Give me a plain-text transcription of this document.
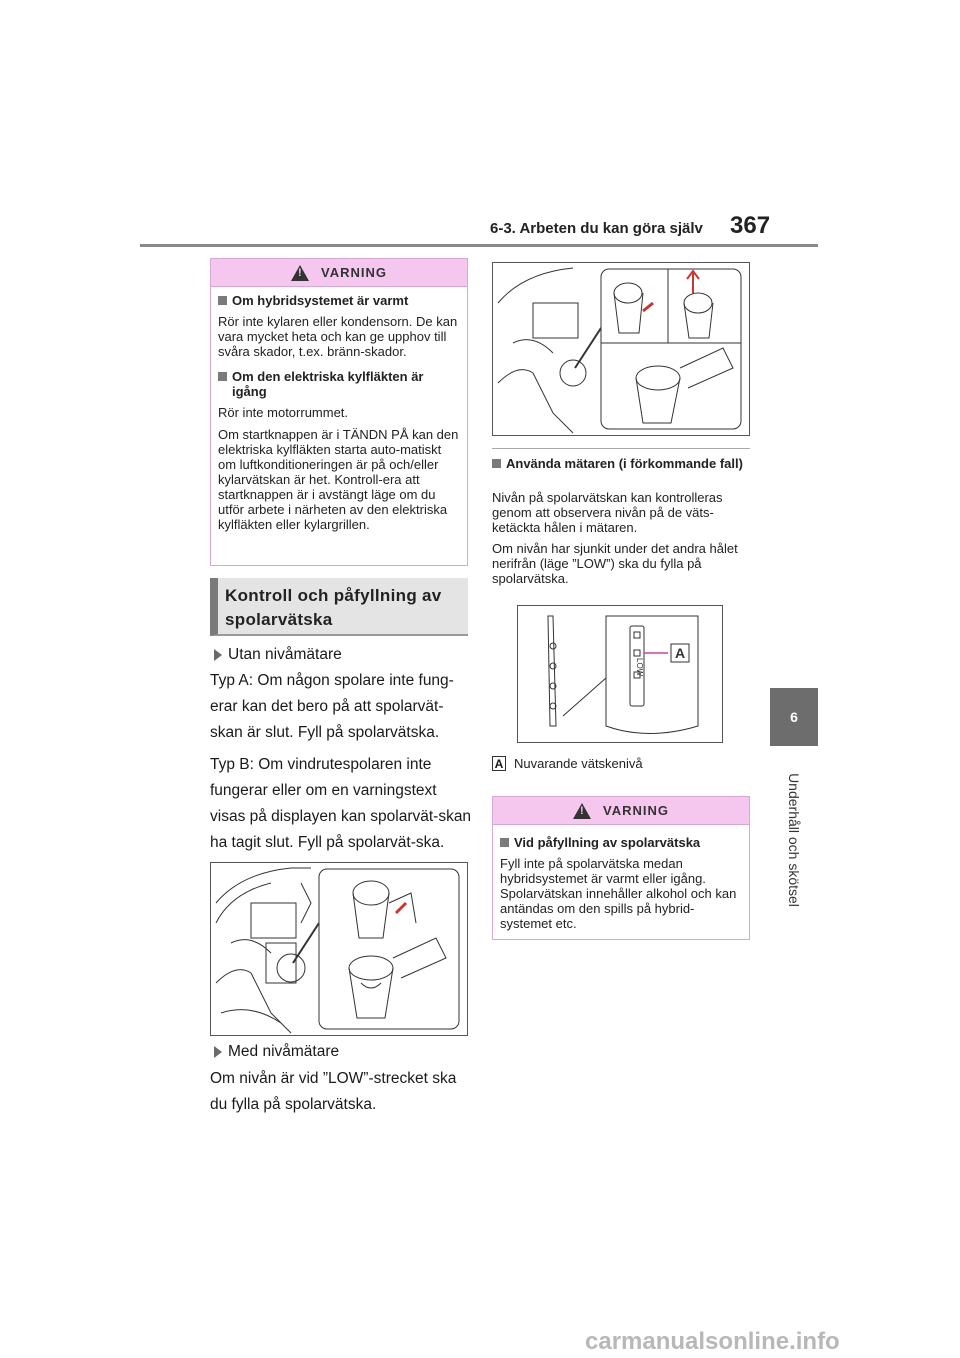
6-3. Arbeten du kan göra själv 367
6
Underhåll och skötsel
!
VARNING
Om hybridsystemet är varmt

Rör inte kylaren eller kondensorn. De kan vara mycket heta och kan ge upphov till svåra skador, t.ex. bränn-skador.

Om den elektriska kylfläkten är igång

Rör inte motorrummet.

Om startknappen är i TÄNDN PÅ kan den elektriska kylfläkten starta auto-matiskt om luftkonditioneringen är på och/eller kylarvätskan är het. Kontroll-era att startknappen är i avstängt läge om du utför arbete i närheten av den elektriska kylfläkten eller kylargrillen.

Kontroll och påfyllning av
spolarvätska
Utan nivåmätare

Typ A: Om någon spolare inte fung-erar kan det bero på att spolarvät-skan är slut. Fyll på spolarvätska.

Typ B: Om vindrutespolaren inte fungerar eller om en varningstext visas på displayen kan spolarvät-skan ha tagit slut. Fyll på spolarvät-ska.

Med nivåmätare

Om nivån är vid ”LOW”-strecket ska du fylla på spolarvätska.

Använda mätaren (i förkommande fall)

Nivån på spolarvätskan kan kontrolleras genom att observera nivån på de väts-ketäckta hålen i mätaren.

Om nivån har sjunkit under det andra hålet nerifrån (läge ”LOW”) ska du fylla på spolarvätska.

LOW
A
A Nuvarande vätskenivå
!
VARNING
Vid påfyllning av spolarvätska

Fyll inte på spolarvätska medan hybridsystemet är varmt eller igång. Spolarvätskan innehåller alkohol och kan antändas om den spills på hybrid-systemet etc.

carmanualsonline.info
